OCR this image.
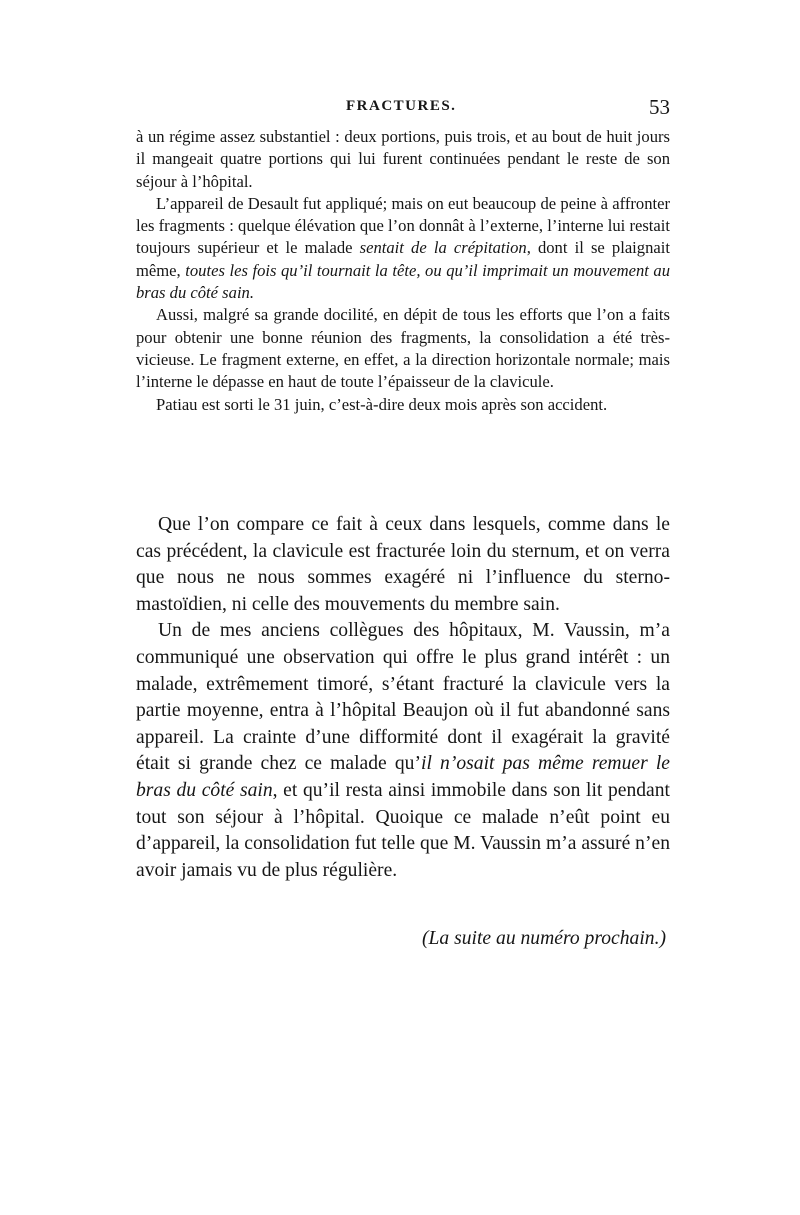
FRACTURES.	53

à un régime assez substantiel : deux portions, puis trois, et au bout de huit jours il mangeait quatre portions qui lui furent continuées pendant le reste de son séjour à l’hôpital.

L’appareil de Desault fut appliqué; mais on eut beaucoup de peine à affronter les fragments : quelque élévation que l’on donnât à l’externe, l’interne lui restait toujours supérieur et le malade sentait de la crépitation, dont il se plaignait même, toutes les fois qu’il tournait la tête, ou qu’il imprimait un mouvement au bras du côté sain.

Aussi, malgré sa grande docilité, en dépit de tous les efforts que l’on a faits pour obtenir une bonne réunion des fragments, la consolidation a été très-vicieuse. Le fragment externe, en effet, a la direction horizontale normale; mais l’interne le dépasse en haut de toute l’épaisseur de la clavicule.

Patiau est sorti le 31 juin, c’est-à-dire deux mois après son accident.

Que l’on compare ce fait à ceux dans lesquels, comme dans le cas précédent, la clavicule est fracturée loin du sternum, et on verra que nous ne nous sommes exagéré ni l’influence du sterno-mastoïdien, ni celle des mouvements du membre sain.

Un de mes anciens collègues des hôpitaux, M. Vaussin, m’a communiqué une observation qui offre le plus grand intérêt : un malade, extrêmement timoré, s’étant fracturé la clavicule vers la partie moyenne, entra à l’hôpital Beaujon où il fut abandonné sans appareil. La crainte d’une difformité dont il exagérait la gravité était si grande chez ce malade qu’il n’osait pas même remuer le bras du côté sain, et qu’il resta ainsi immobile dans son lit pendant tout son séjour à l’hôpital. Quoique ce malade n’eût point eu d’appareil, la consolidation fut telle que M. Vaussin m’a assuré n’en avoir jamais vu de plus régulière.

(La suite au numéro prochain.)
